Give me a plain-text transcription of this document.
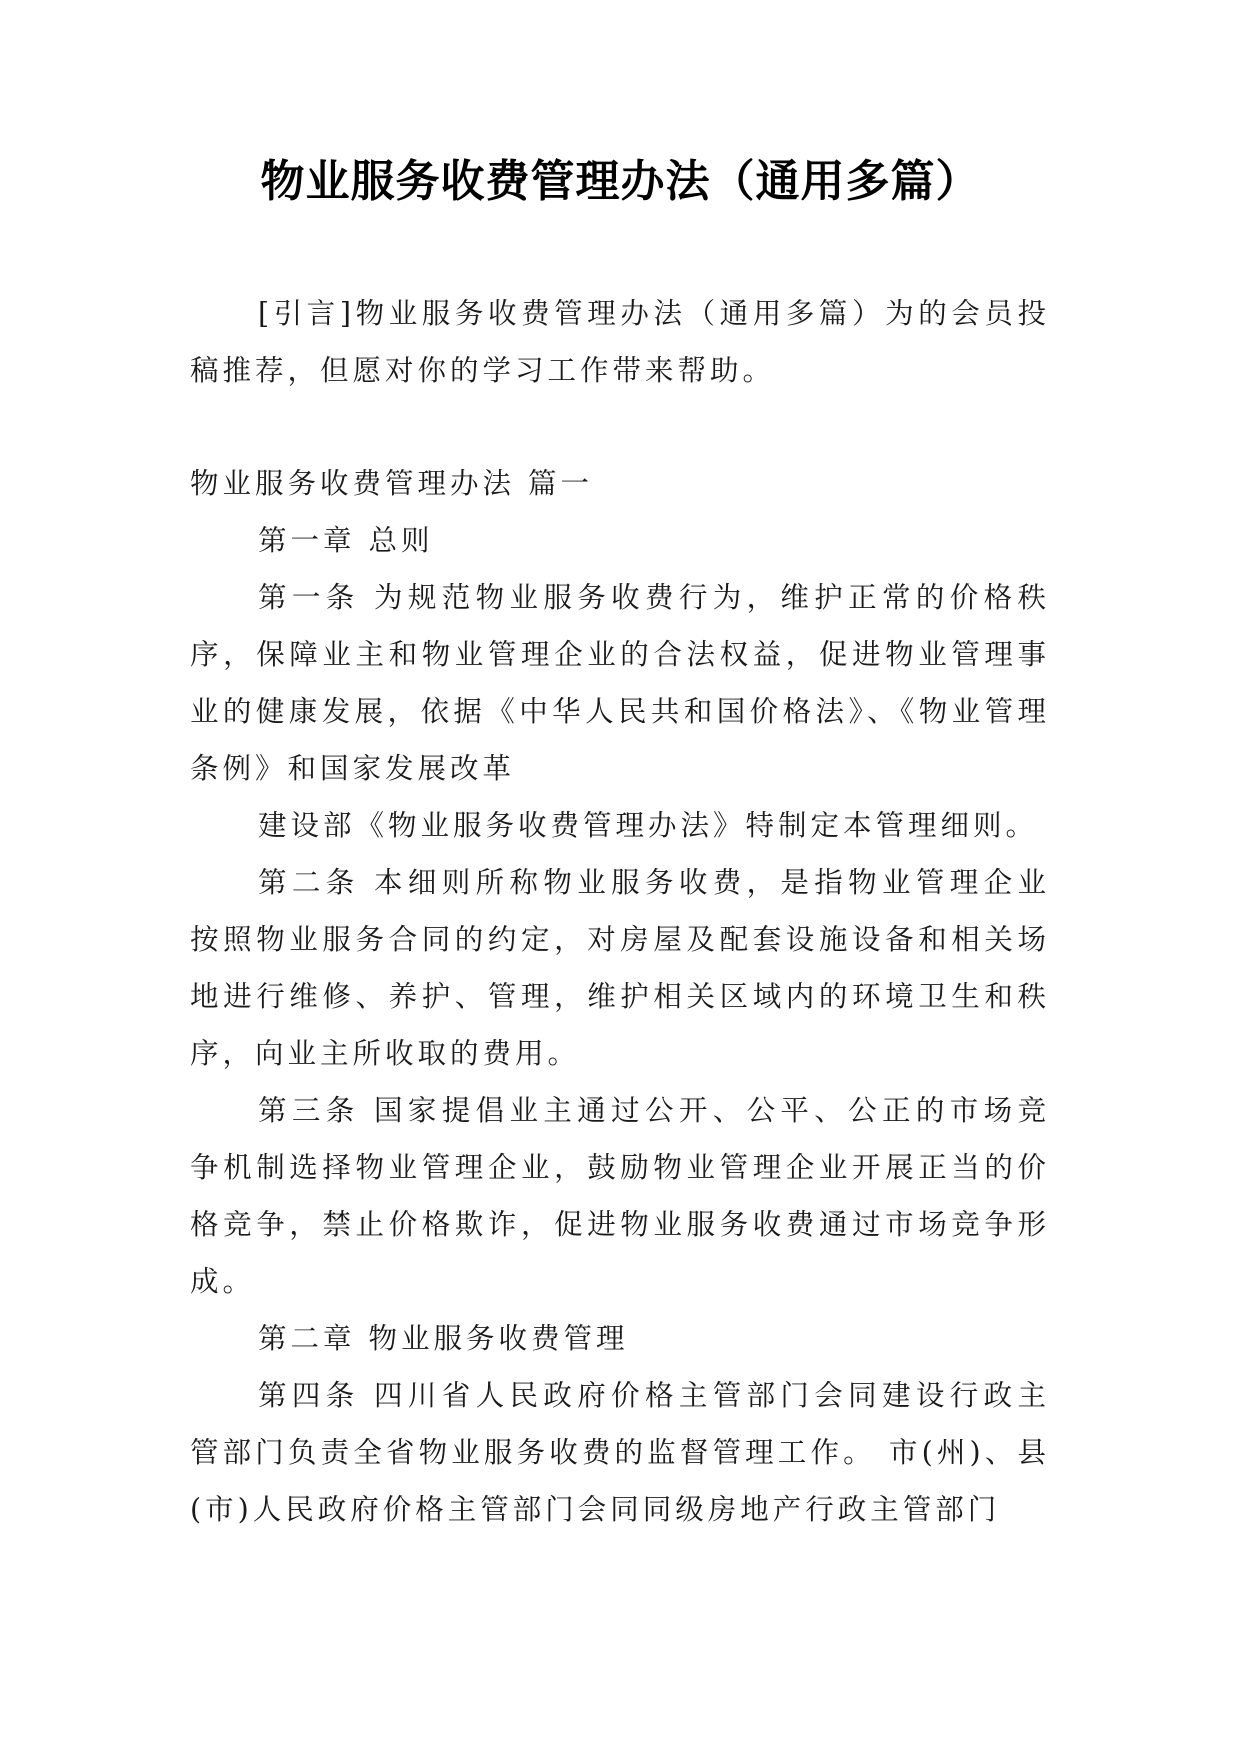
物业服务收费管理办法（通用多篇）

[引言]物业服务收费管理办法（通用多篇）为的会员投稿推荐，但愿对你的学习工作带来帮助。

物业服务收费管理办法 篇一

第一章 总则

第一条 为规范物业服务收费行为，维护正常的价格秩序，保障业主和物业管理企业的合法权益，促进物业管理事业的健康发展，依据《中华人民共和国价格法》、《物业管理条例》和国家发展改革

建设部《物业服务收费管理办法》特制定本管理细则。

第二条 本细则所称物业服务收费，是指物业管理企业按照物业服务合同的约定，对房屋及配套设施设备和相关场地进行维修、养护、管理，维护相关区域内的环境卫生和秩序，向业主所收取的费用。

第三条 国家提倡业主通过公开、公平、公正的市场竞争机制选择物业管理企业，鼓励物业管理企业开展正当的价格竞争，禁止价格欺诈，促进物业服务收费通过市场竞争形成。

第二章 物业服务收费管理

第四条 四川省人民政府价格主管部门会同建设行政主管部门负责全省物业服务收费的监督管理工作。 市(州)、县(市)人民政府价格主管部门会同同级房地产行政主管部门
